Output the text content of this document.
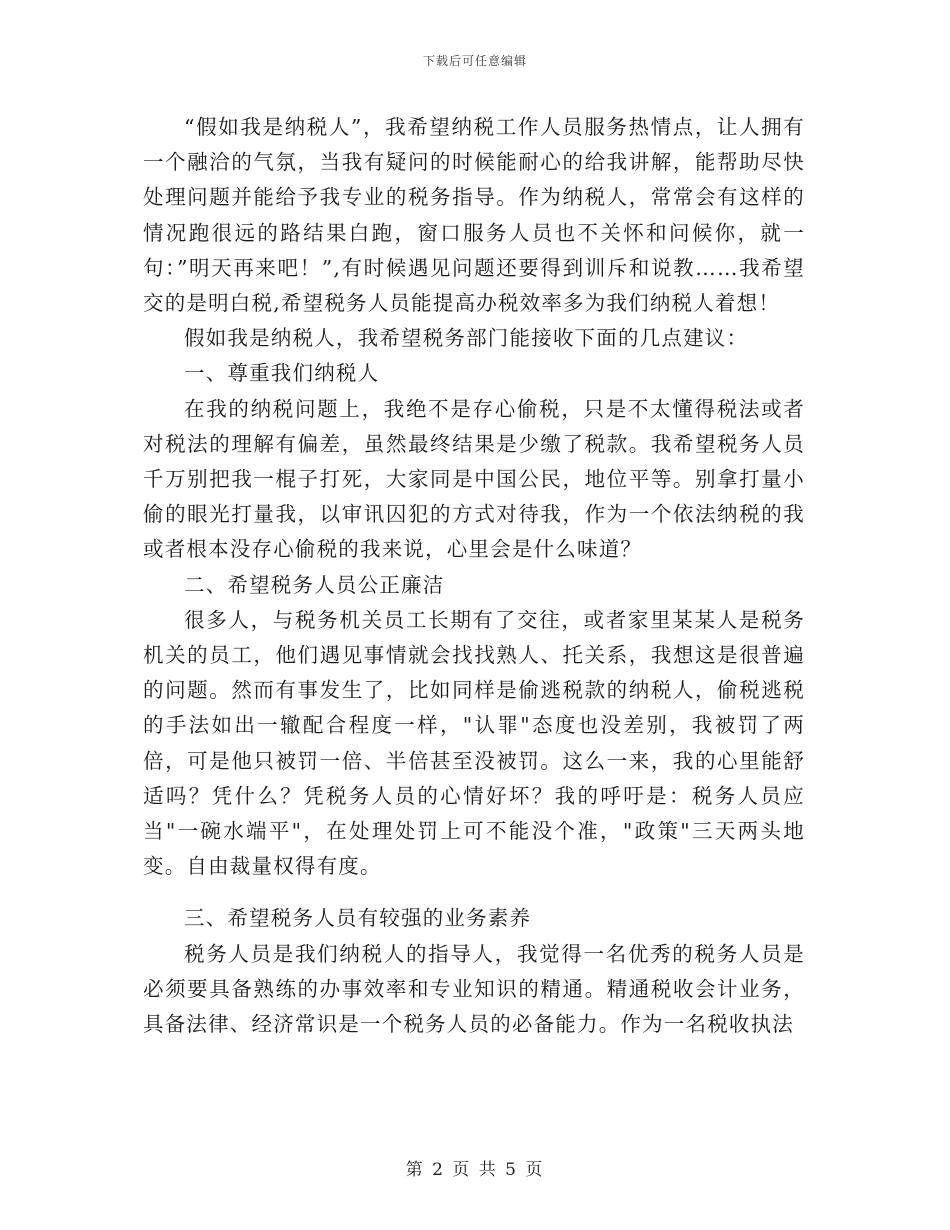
下载后可任意编辑

“假如我是纳税人”，我希望纳税工作人员服务热情点，让人拥有一个融洽的气氛，当我有疑问的时候能耐心的给我讲解，能帮助尽快处理问题并能给予我专业的税务指导。作为纳税人，常常会有这样的情况跑很远的路结果白跑，窗口服务人员也不关怀和问候你，就一句：”明天再来吧！”,有时候遇见问题还要得到训斥和说教……我希望交的是明白税,希望税务人员能提高办税效率多为我们纳税人着想！

假如我是纳税人，我希望税务部门能接收下面的几点建议：

一、尊重我们纳税人

在我的纳税问题上，我绝不是存心偷税，只是不太懂得税法或者对税法的理解有偏差，虽然最终结果是少缴了税款。我希望税务人员千万别把我一棍子打死，大家同是中国公民，地位平等。别拿打量小偷的眼光打量我，以审讯囚犯的方式对待我，作为一个依法纳税的我或者根本没存心偷税的我来说，心里会是什么味道？

二、希望税务人员公正廉洁

很多人，与税务机关员工长期有了交往，或者家里某某人是税务机关的员工，他们遇见事情就会找找熟人、托关系，我想这是很普遍的问题。然而有事发生了，比如同样是偷逃税款的纳税人，偷税逃税的手法如出一辙配合程度一样，"认罪"态度也没差别，我被罚了两倍，可是他只被罚一倍、半倍甚至没被罚。这么一来，我的心里能舒适吗？凭什么？凭税务人员的心情好坏？我的呼吁是：税务人员应当"一碗水端平"，在处理处罚上可不能没个准，"政策"三天两头地变。自由裁量权得有度。

三、希望税务人员有较强的业务素养

税务人员是我们纳税人的指导人，我觉得一名优秀的税务人员是必须要具备熟练的办事效率和专业知识的精通。精通税收会计业务，具备法律、经济常识是一个税务人员的必备能力。作为一名税收执法

第 2 页 共 5 页
